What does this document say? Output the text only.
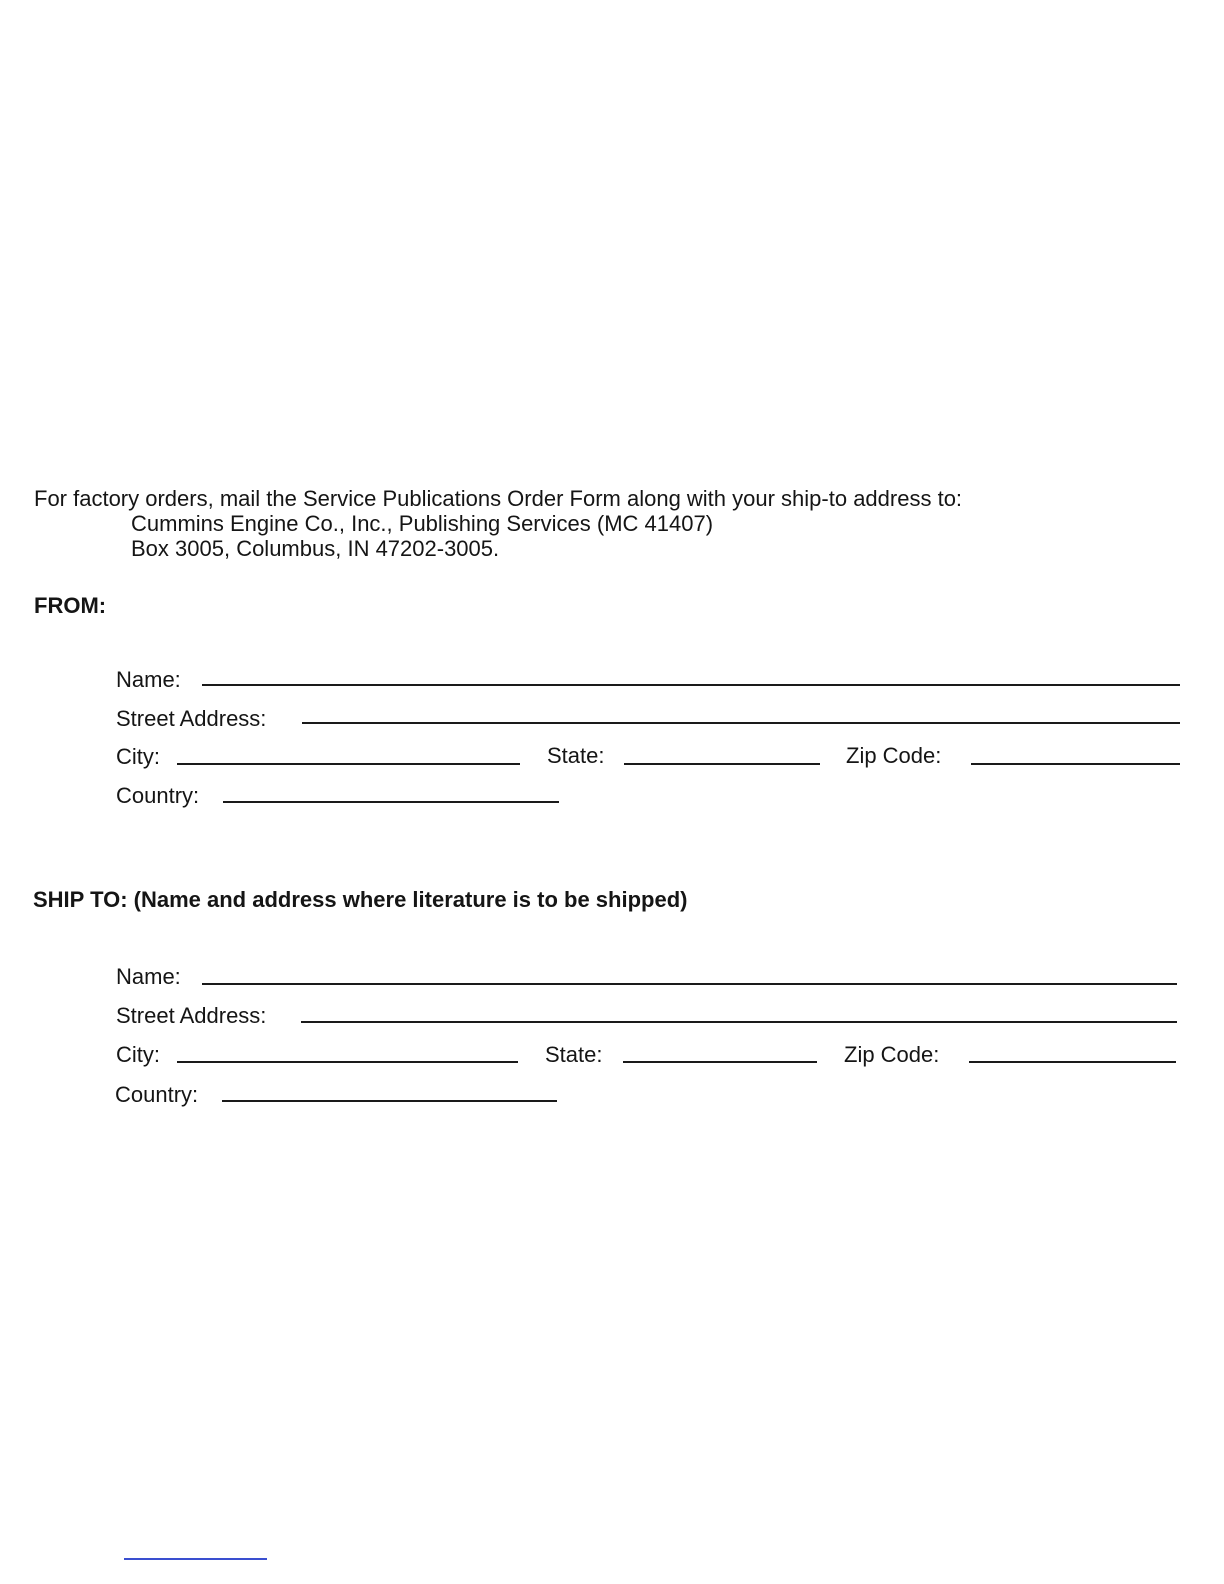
For factory orders, mail the Service Publications Order Form along with your ship-to address to:
Cummins Engine Co., Inc., Publishing Services (MC 41407)
Box 3005, Columbus, IN 47202-3005.
FROM:
Name:
Street Address:
City:	State:	Zip Code:
Country:
SHIP TO: (Name and address where literature is to be shipped)
Name:
Street Address:
City:	State:	Zip Code:
Country:
